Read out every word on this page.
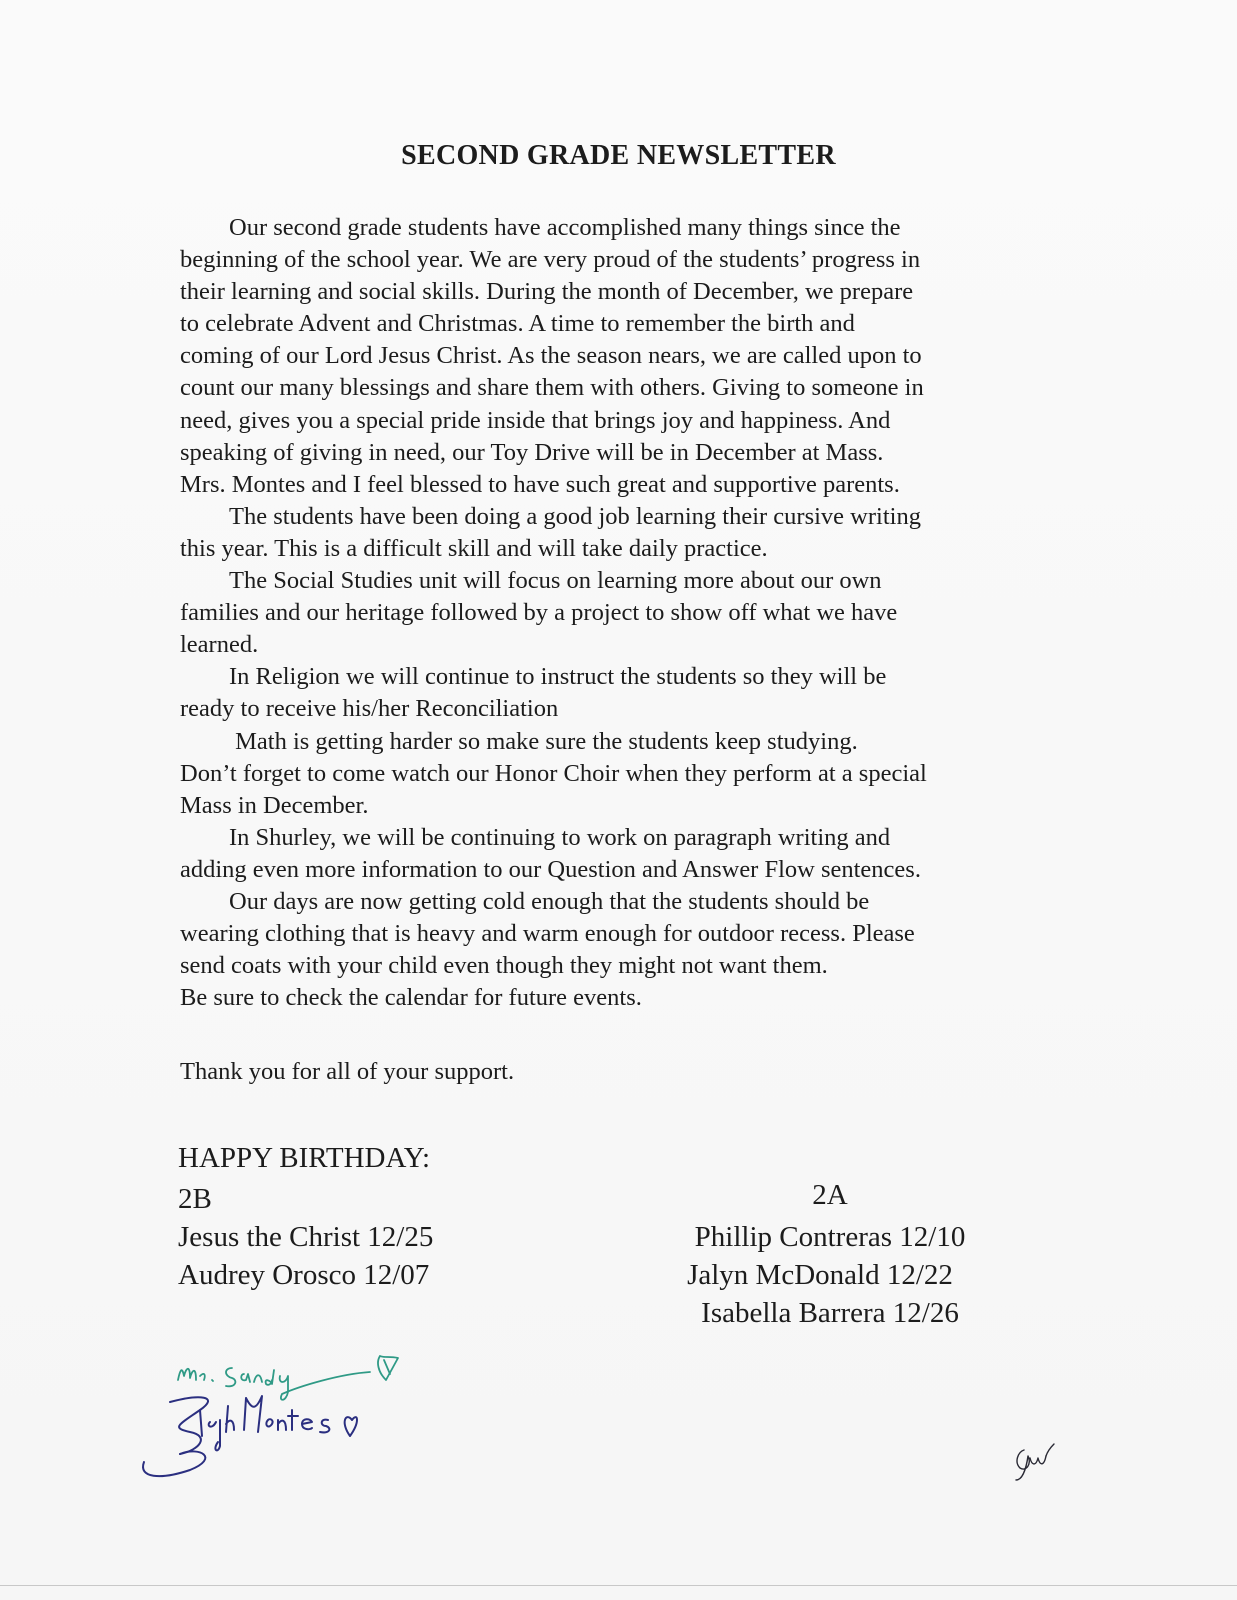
SECOND GRADE NEWSLETTER

  Our second grade students have accomplished many things since the
beginning of the school year. We are very proud of the students’ progress in
their learning and social skills. During the month of December, we prepare
to celebrate Advent and Christmas. A time to remember the birth and
coming of our Lord Jesus Christ. As the season nears, we are called upon to
count our many blessings and share them with others. Giving to someone in
need, gives you a special pride inside that brings joy and happiness. And
speaking of giving in need, our Toy Drive will be in December at Mass.
Mrs. Montes and I feel blessed to have such great and supportive parents.

  The students have been doing a good job learning their cursive writing
this year. This is a difficult skill and will take daily practice.

  The Social Studies unit will focus on learning more about our own
families and our heritage followed by a project to show off what we have
learned.

  In Religion we will continue to instruct the students so they will be
ready to receive his/her Reconciliation

   Math is getting harder so make sure the students keep studying.
Don’t forget to come watch our Honor Choir when they perform at a special
Mass in December.

  In Shurley, we will be continuing to work on paragraph writing and
adding even more information to our Question and Answer Flow sentences.

  Our days are now getting cold enough that the students should be
wearing clothing that is heavy and warm enough for outdoor recess. Please
send coats with your child even though they might not want them.

Be sure to check the calendar for future events.

Thank you for all of your support.

HAPPY BIRTHDAY:

2B
Jesus the Christ 12/25
Audrey Orosco 12/07
2A
Phillip Contreras 12/10
Jalyn McDonald 12/22
Isabella Barrera 12/26
